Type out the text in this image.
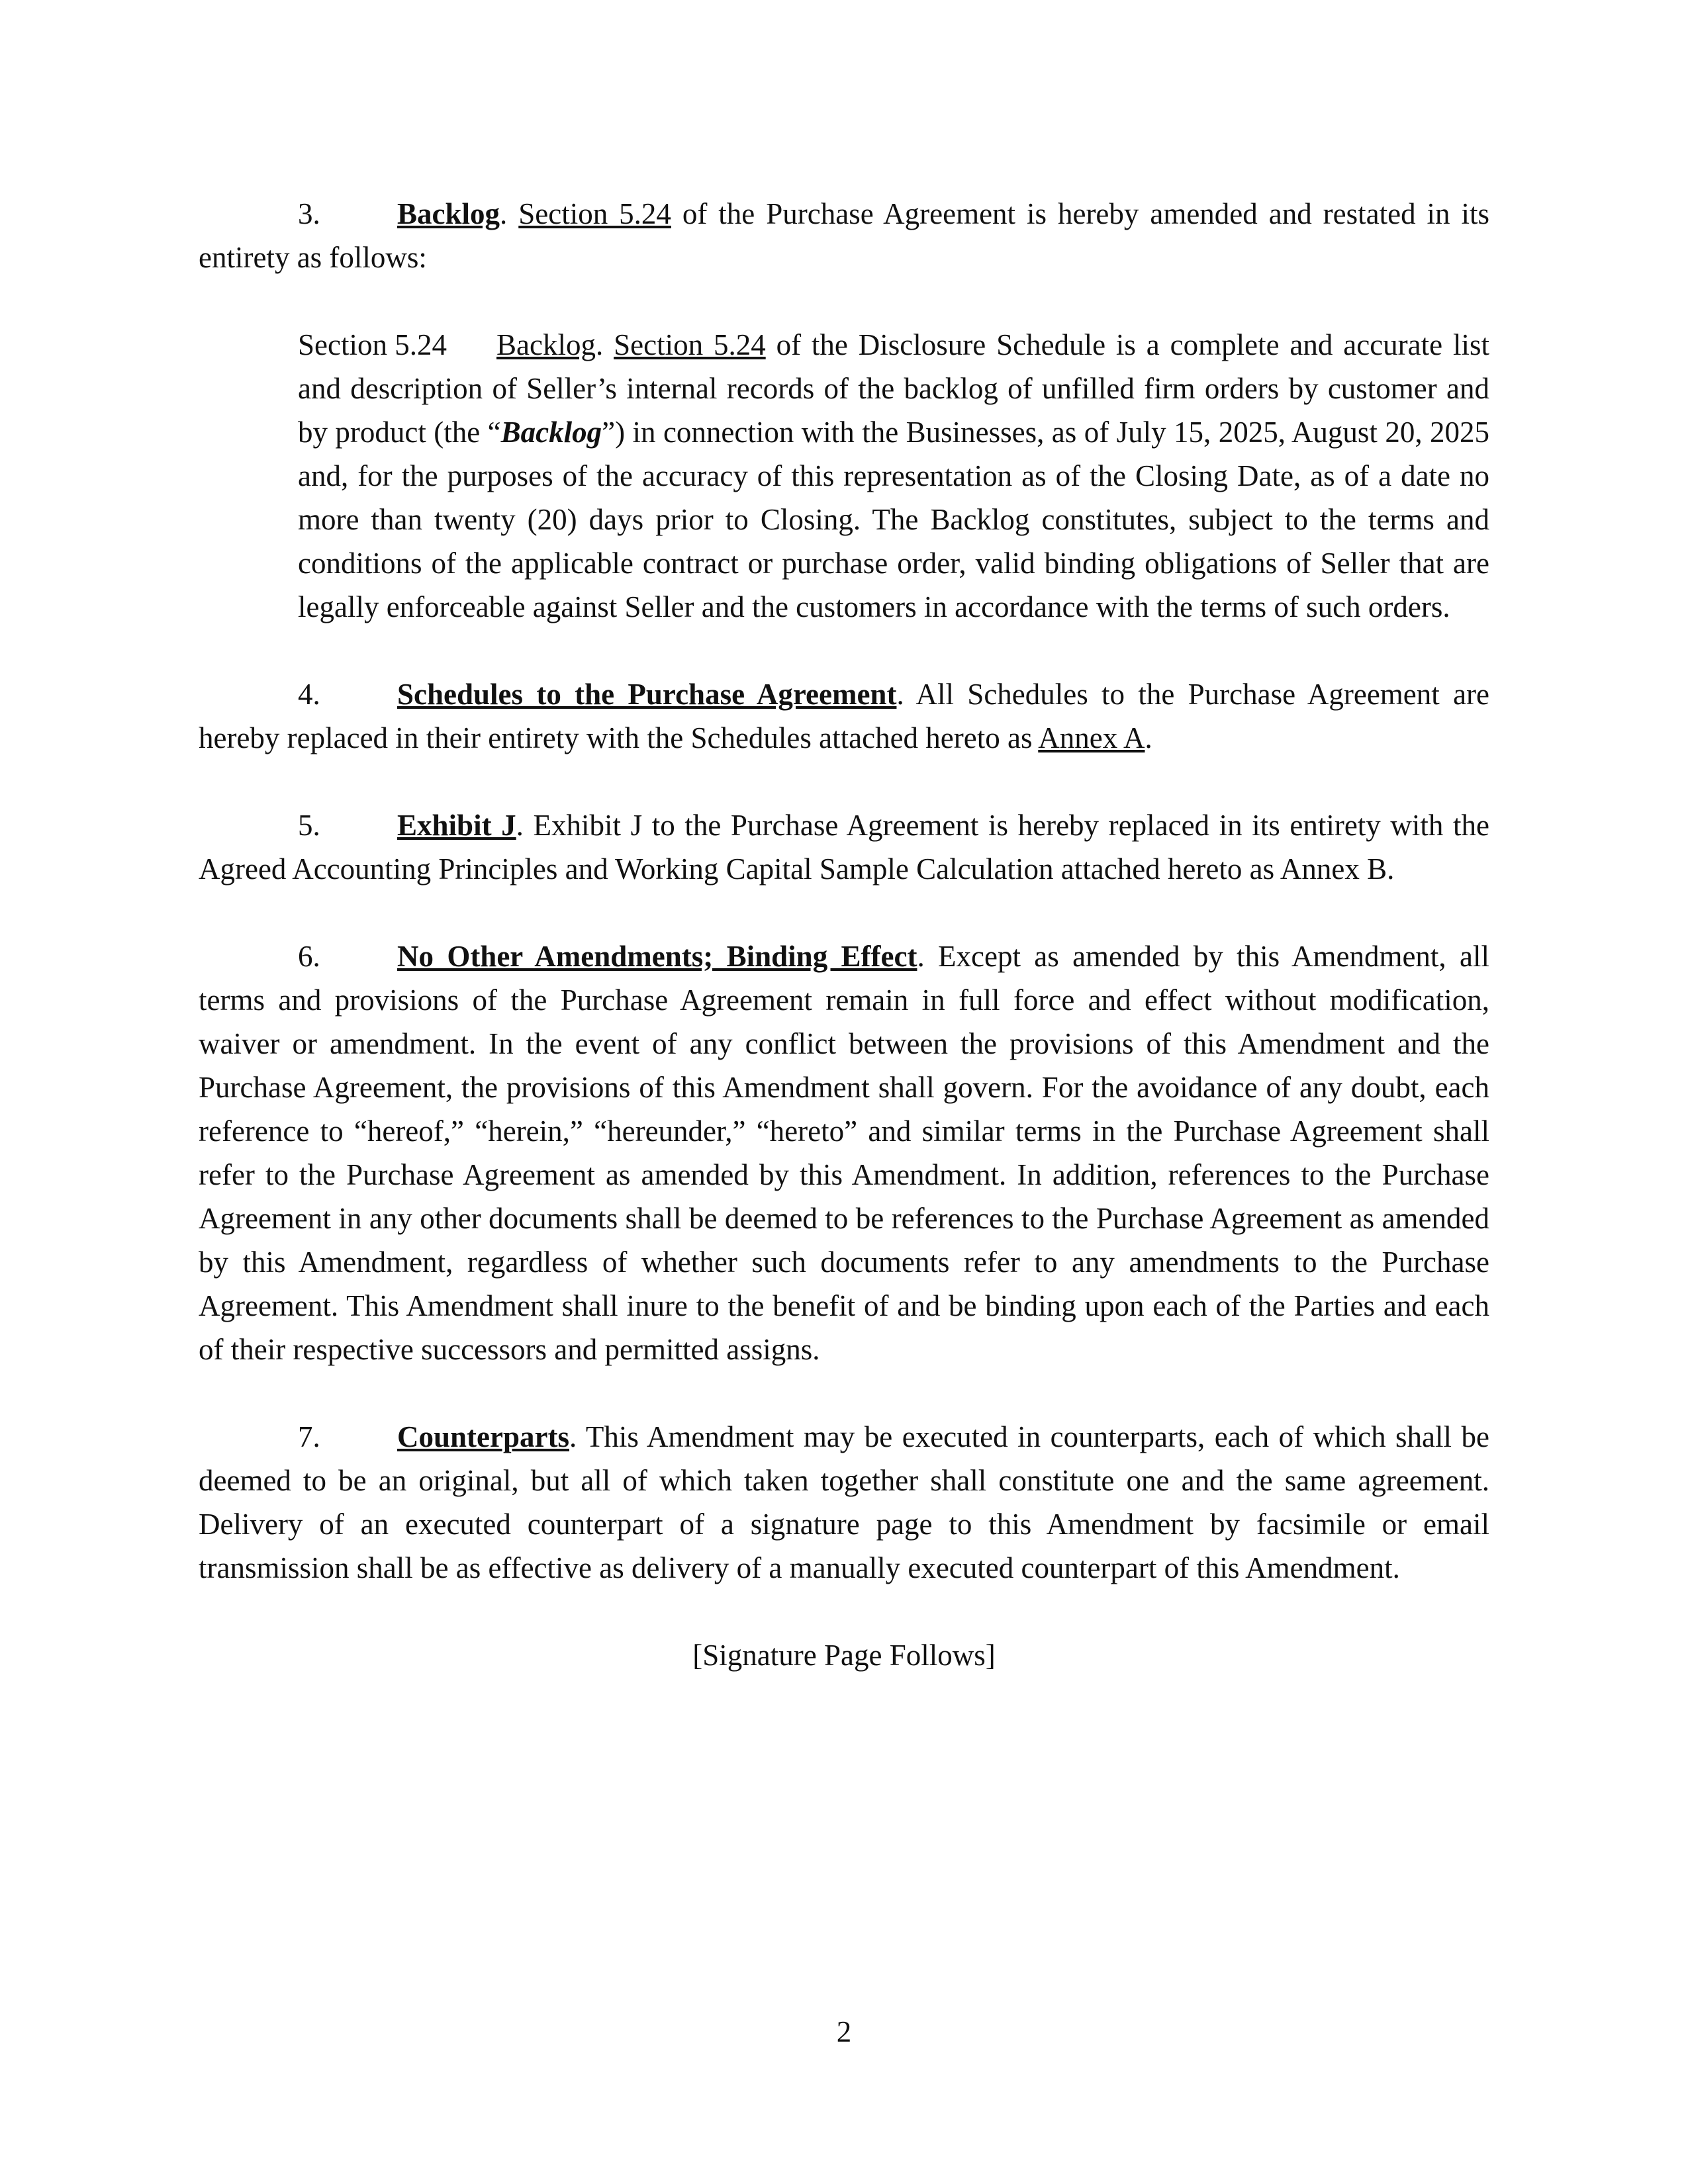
3.	Backlog. Section 5.24 of the Purchase Agreement is hereby amended and restated in its entirety as follows:

Section 5.24 Backlog. Section 5.24 of the Disclosure Schedule is a complete and accurate list and description of Seller’s internal records of the backlog of unfilled firm orders by customer and by product (the “Backlog”) in connection with the Businesses, as of July 15, 2025, August 20, 2025 and, for the purposes of the accuracy of this representation as of the Closing Date, as of a date no more than twenty (20) days prior to Closing. The Backlog constitutes, subject to the terms and conditions of the applicable contract or purchase order, valid binding obligations of Seller that are legally enforceable against Seller and the customers in accordance with the terms of such orders.

4.	Schedules to the Purchase Agreement. All Schedules to the Purchase Agreement are hereby replaced in their entirety with the Schedules attached hereto as Annex A.

5.	Exhibit J. Exhibit J to the Purchase Agreement is hereby replaced in its entirety with the Agreed Accounting Principles and Working Capital Sample Calculation attached hereto as Annex B.

6.	No Other Amendments; Binding Effect. Except as amended by this Amendment, all terms and provisions of the Purchase Agreement remain in full force and effect without modification, waiver or amendment. In the event of any conflict between the provisions of this Amendment and the Purchase Agreement, the provisions of this Amendment shall govern. For the avoidance of any doubt, each reference to “hereof,” “herein,” “hereunder,” “hereto” and similar terms in the Purchase Agreement shall refer to the Purchase Agreement as amended by this Amendment. In addition, references to the Purchase Agreement in any other documents shall be deemed to be references to the Purchase Agreement as amended by this Amendment, regardless of whether such documents refer to any amendments to the Purchase Agreement. This Amendment shall inure to the benefit of and be binding upon each of the Parties and each of their respective successors and permitted assigns.

7.	Counterparts. This Amendment may be executed in counterparts, each of which shall be deemed to be an original, but all of which taken together shall constitute one and the same agreement. Delivery of an executed counterpart of a signature page to this Amendment by facsimile or email transmission shall be as effective as delivery of a manually executed counterpart of this Amendment.

[Signature Page Follows]
2
